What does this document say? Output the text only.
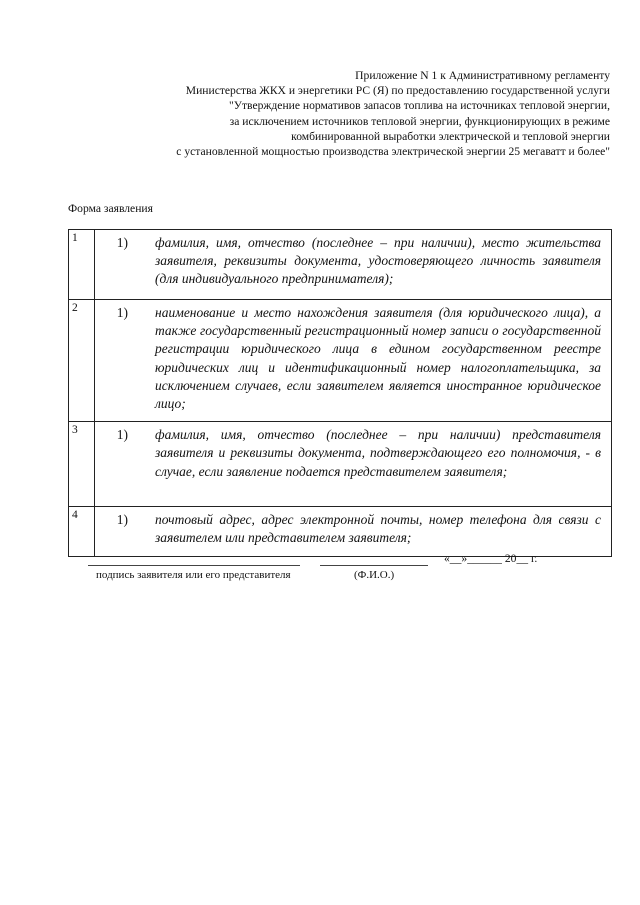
Приложение N 1 к Административному регламенту
Министерства ЖКХ и энергетики РС (Я) по предоставлению государственной услуги
"Утверждение нормативов запасов топлива на источниках тепловой энергии,
за исключением источников тепловой энергии, функционирующих в режиме
комбинированной выработки электрической и тепловой энергии
с установленной мощностью производства электрической энергии 25 мегаватт и более"
Форма заявления
1	1) фамилия, имя, отчество (последнее – при наличии), место жительства заявителя, реквизиты документа, удостоверяющего личность заявителя (для индивидуального предпринимателя);

2	1) наименование и место нахождения заявителя (для юридического лица), а также государственный регистрационный номер записи о государственной регистрации юридического лица в едином государственном реестре юридических лиц и идентификационный номер налогоплательщика, за исключением случаев, если заявителем является иностранное юридическое лицо;

3	1) фамилия, имя, отчество (последнее – при наличии) представителя заявителя и реквизиты документа, подтверждающего его полномочия, - в случае, если заявление подается представителем заявителя;

4	1) почтовый адрес, адрес электронной почты, номер телефона для связи с заявителем или представителем заявителя;
«__»______ 20__ г.
подпись заявителя или его представителя	(Ф.И.О.)
